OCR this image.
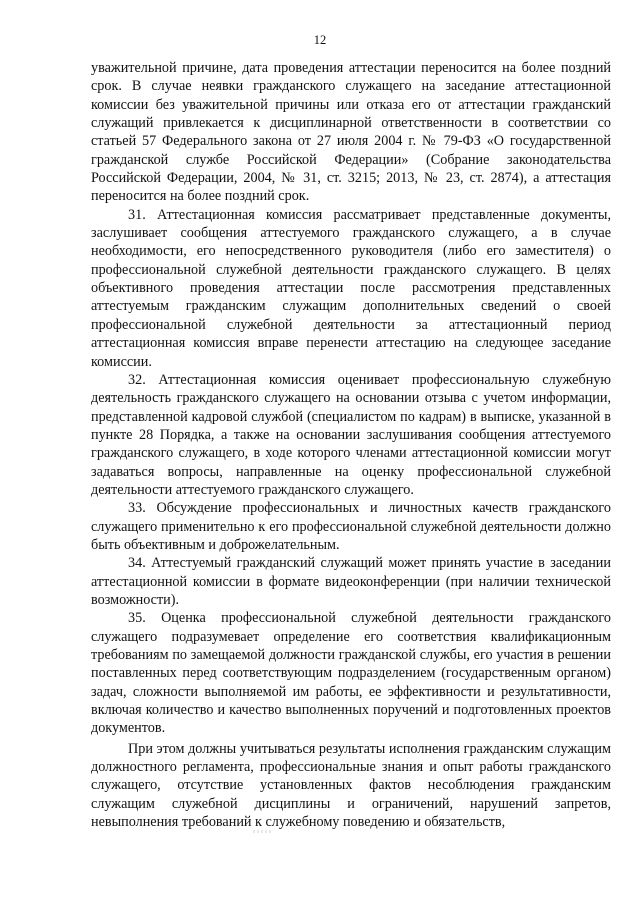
12

уважительной причине, дата проведения аттестации переносится на более поздний срок. В случае неявки гражданского служащего на заседание аттестационной комиссии без уважительной причины или отказа его от аттестации гражданский служащий привлекается к дисциплинарной ответственности в соответствии со статьей 57 Федерального закона от 27 июля 2004 г. № 79-ФЗ «О государственной гражданской службе Российской Федерации» (Собрание законодательства Российской Федерации, 2004, № 31, ст. 3215; 2013, № 23, ст. 2874), а аттестация переносится на более поздний срок.

31. Аттестационная комиссия рассматривает представленные документы, заслушивает сообщения аттестуемого гражданского служащего, а в случае необходимости, его непосредственного руководителя (либо его заместителя) о профессиональной служебной деятельности гражданского служащего. В целях объективного проведения аттестации после рассмотрения представленных аттестуемым гражданским служащим дополнительных сведений о своей профессиональной служебной деятельности за аттестационный период аттестационная комиссия вправе перенести аттестацию на следующее заседание комиссии.

32. Аттестационная комиссия оценивает профессиональную служебную деятельность гражданского служащего на основании отзыва с учетом информации, представленной кадровой службой (специалистом по кадрам) в выписке, указанной в пункте 28 Порядка, а также на основании заслушивания сообщения аттестуемого гражданского служащего, в ходе которого членами аттестационной комиссии могут задаваться вопросы, направленные на оценку профессиональной служебной деятельности аттестуемого гражданского служащего.

33. Обсуждение профессиональных и личностных качеств гражданского служащего применительно к его профессиональной служебной деятельности должно быть объективным и доброжелательным.

34. Аттестуемый гражданский служащий может принять участие в заседании аттестационной комиссии в формате видеоконференции (при наличии технической возможности).

35. Оценка профессиональной служебной деятельности гражданского служащего подразумевает определение его соответствия квалификационным требованиям по замещаемой должности гражданской службы, его участия в решении поставленных перед соответствующим подразделением (государственным органом) задач, сложности выполняемой им работы, ее эффективности и результативности, включая количество и качество выполненных поручений и подготовленных проектов документов.

При этом должны учитываться результаты исполнения гражданским служащим должностного регламента, профессиональные знания и опыт работы гражданского служащего, отсутствие установленных фактов несоблюдения гражданским служащим служебной дисциплины и ограничений, нарушений запретов, невыполнения требований к служебному поведению и обязательств,
